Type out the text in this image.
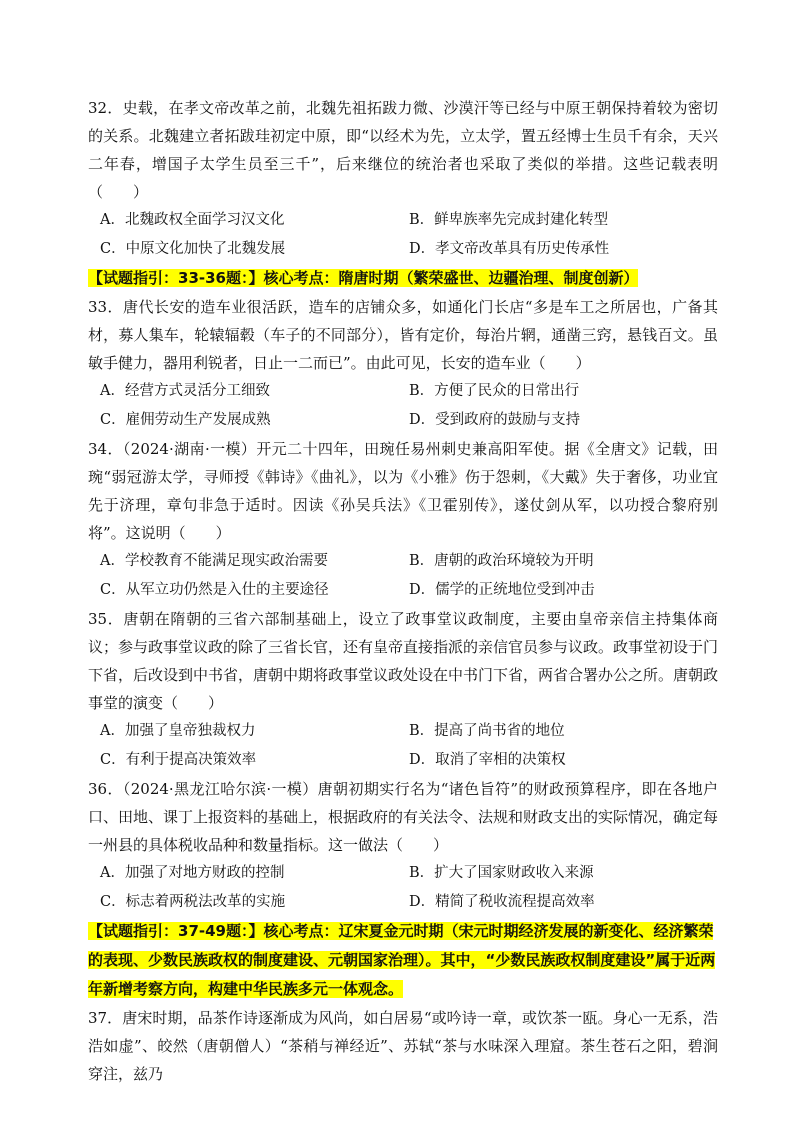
32．史载，在孝文帝改革之前，北魏先祖拓跋力微、沙漠汗等已经与中原王朝保持着较为密切的关系。北魏建立者拓跋珪初定中原，即“以经术为先，立太学，置五经博士生员千有余，天兴二年春，增国子太学生员至三千”，后来继位的统治者也采取了类似的举措。这些记载表明（　　）

A．北魏政权全面学习汉文化	B．鲜卑族率先完成封建化转型
C．中原文化加快了北魏发展	D．孝文帝改革具有历史传承性

【试题指引：33-36题：】核心考点：隋唐时期（繁荣盛世、边疆治理、制度创新）

33．唐代长安的造车业很活跃，造车的店铺众多，如通化门长店“多是车工之所居也，广备其材，募人集车，轮辕辐毂（车子的不同部分），皆有定价，每治片辋，通凿三窍，悬钱百文。虽敏手健力，器用利锐者，日止一二而已”。由此可见，长安的造车业（　　）

A．经营方式灵活分工细致	B．方便了民众的日常出行
C．雇佣劳动生产发展成熟	D．受到政府的鼓励与支持

34．（2024·湖南·一模）开元二十四年，田琬任易州刺史兼高阳军使。据《全唐文》记载，田琬“弱冠游太学，寻师授《韩诗》《曲礼》，以为《小雅》伤于怨刺，《大戴》失于奢侈，功业宜先于济理，章句非急于适时。因读《孙吴兵法》《卫霍别传》，遂仗剑从军，以功授合黎府别将”。这说明（　　）

A．学校教育不能满足现实政治需要	B．唐朝的政治环境较为开明
C．从军立功仍然是入仕的主要途径	D．儒学的正统地位受到冲击

35．唐朝在隋朝的三省六部制基础上，设立了政事堂议政制度，主要由皇帝亲信主持集体商议；参与政事堂议政的除了三省长官，还有皇帝直接指派的亲信官员参与议政。政事堂初设于门下省，后改设到中书省，唐朝中期将政事堂议政处设在中书门下省，两省合署办公之所。唐朝政事堂的演变（　　）

A．加强了皇帝独裁权力	B．提高了尚书省的地位
C．有利于提高决策效率	D．取消了宰相的决策权

36．（2024·黑龙江哈尔滨·一模）唐朝初期实行名为“诸色旨符”的财政预算程序，即在各地户口、田地、课丁上报资料的基础上，根据政府的有关法令、法规和财政支出的实际情况，确定每一州县的具体税收品种和数量指标。这一做法（　　）

A．加强了对地方财政的控制	B．扩大了国家财政收入来源
C．标志着两税法改革的实施	D．精简了税收流程提高效率

【试题指引：37-49题：】核心考点：辽宋夏金元时期（宋元时期经济发展的新变化、经济繁荣的表现、少数民族政权的制度建设、元朝国家治理）。其中，“少数民族政权制度建设”属于近两年新增考察方向，构建中华民族多元一体观念。

37．唐宋时期，品茶作诗逐渐成为风尚，如白居易“或吟诗一章，或饮茶一瓯。身心一无系，浩浩如虚”、皎然（唐朝僧人）“茶稍与禅经近”、苏轼“茶与水味深入理窟。茶生苍石之阳，碧涧穿注，兹乃
